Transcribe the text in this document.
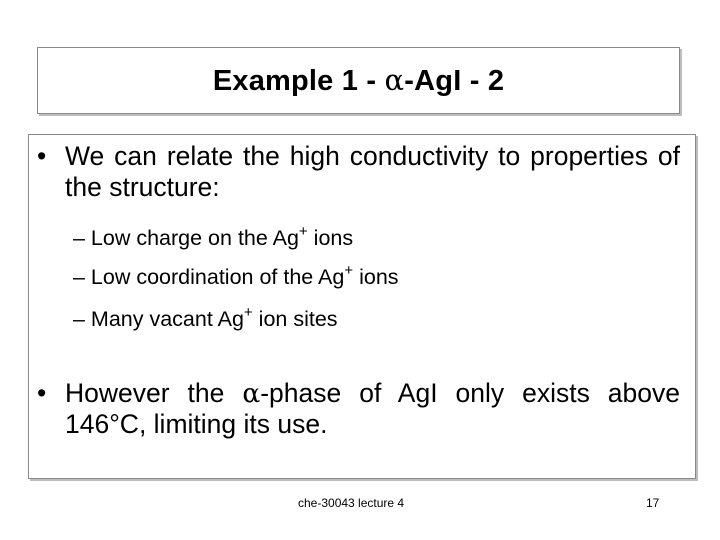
Example 1 - α-AgI - 2
• We can relate the high conductivity to properties of the structure:
– Low charge on the Ag+ ions
– Low coordination of the Ag+ ions
– Many vacant Ag+ ion sites
• However the α-phase of AgI only exists above 146°C, limiting its use.
che-30043 lecture 4	17
